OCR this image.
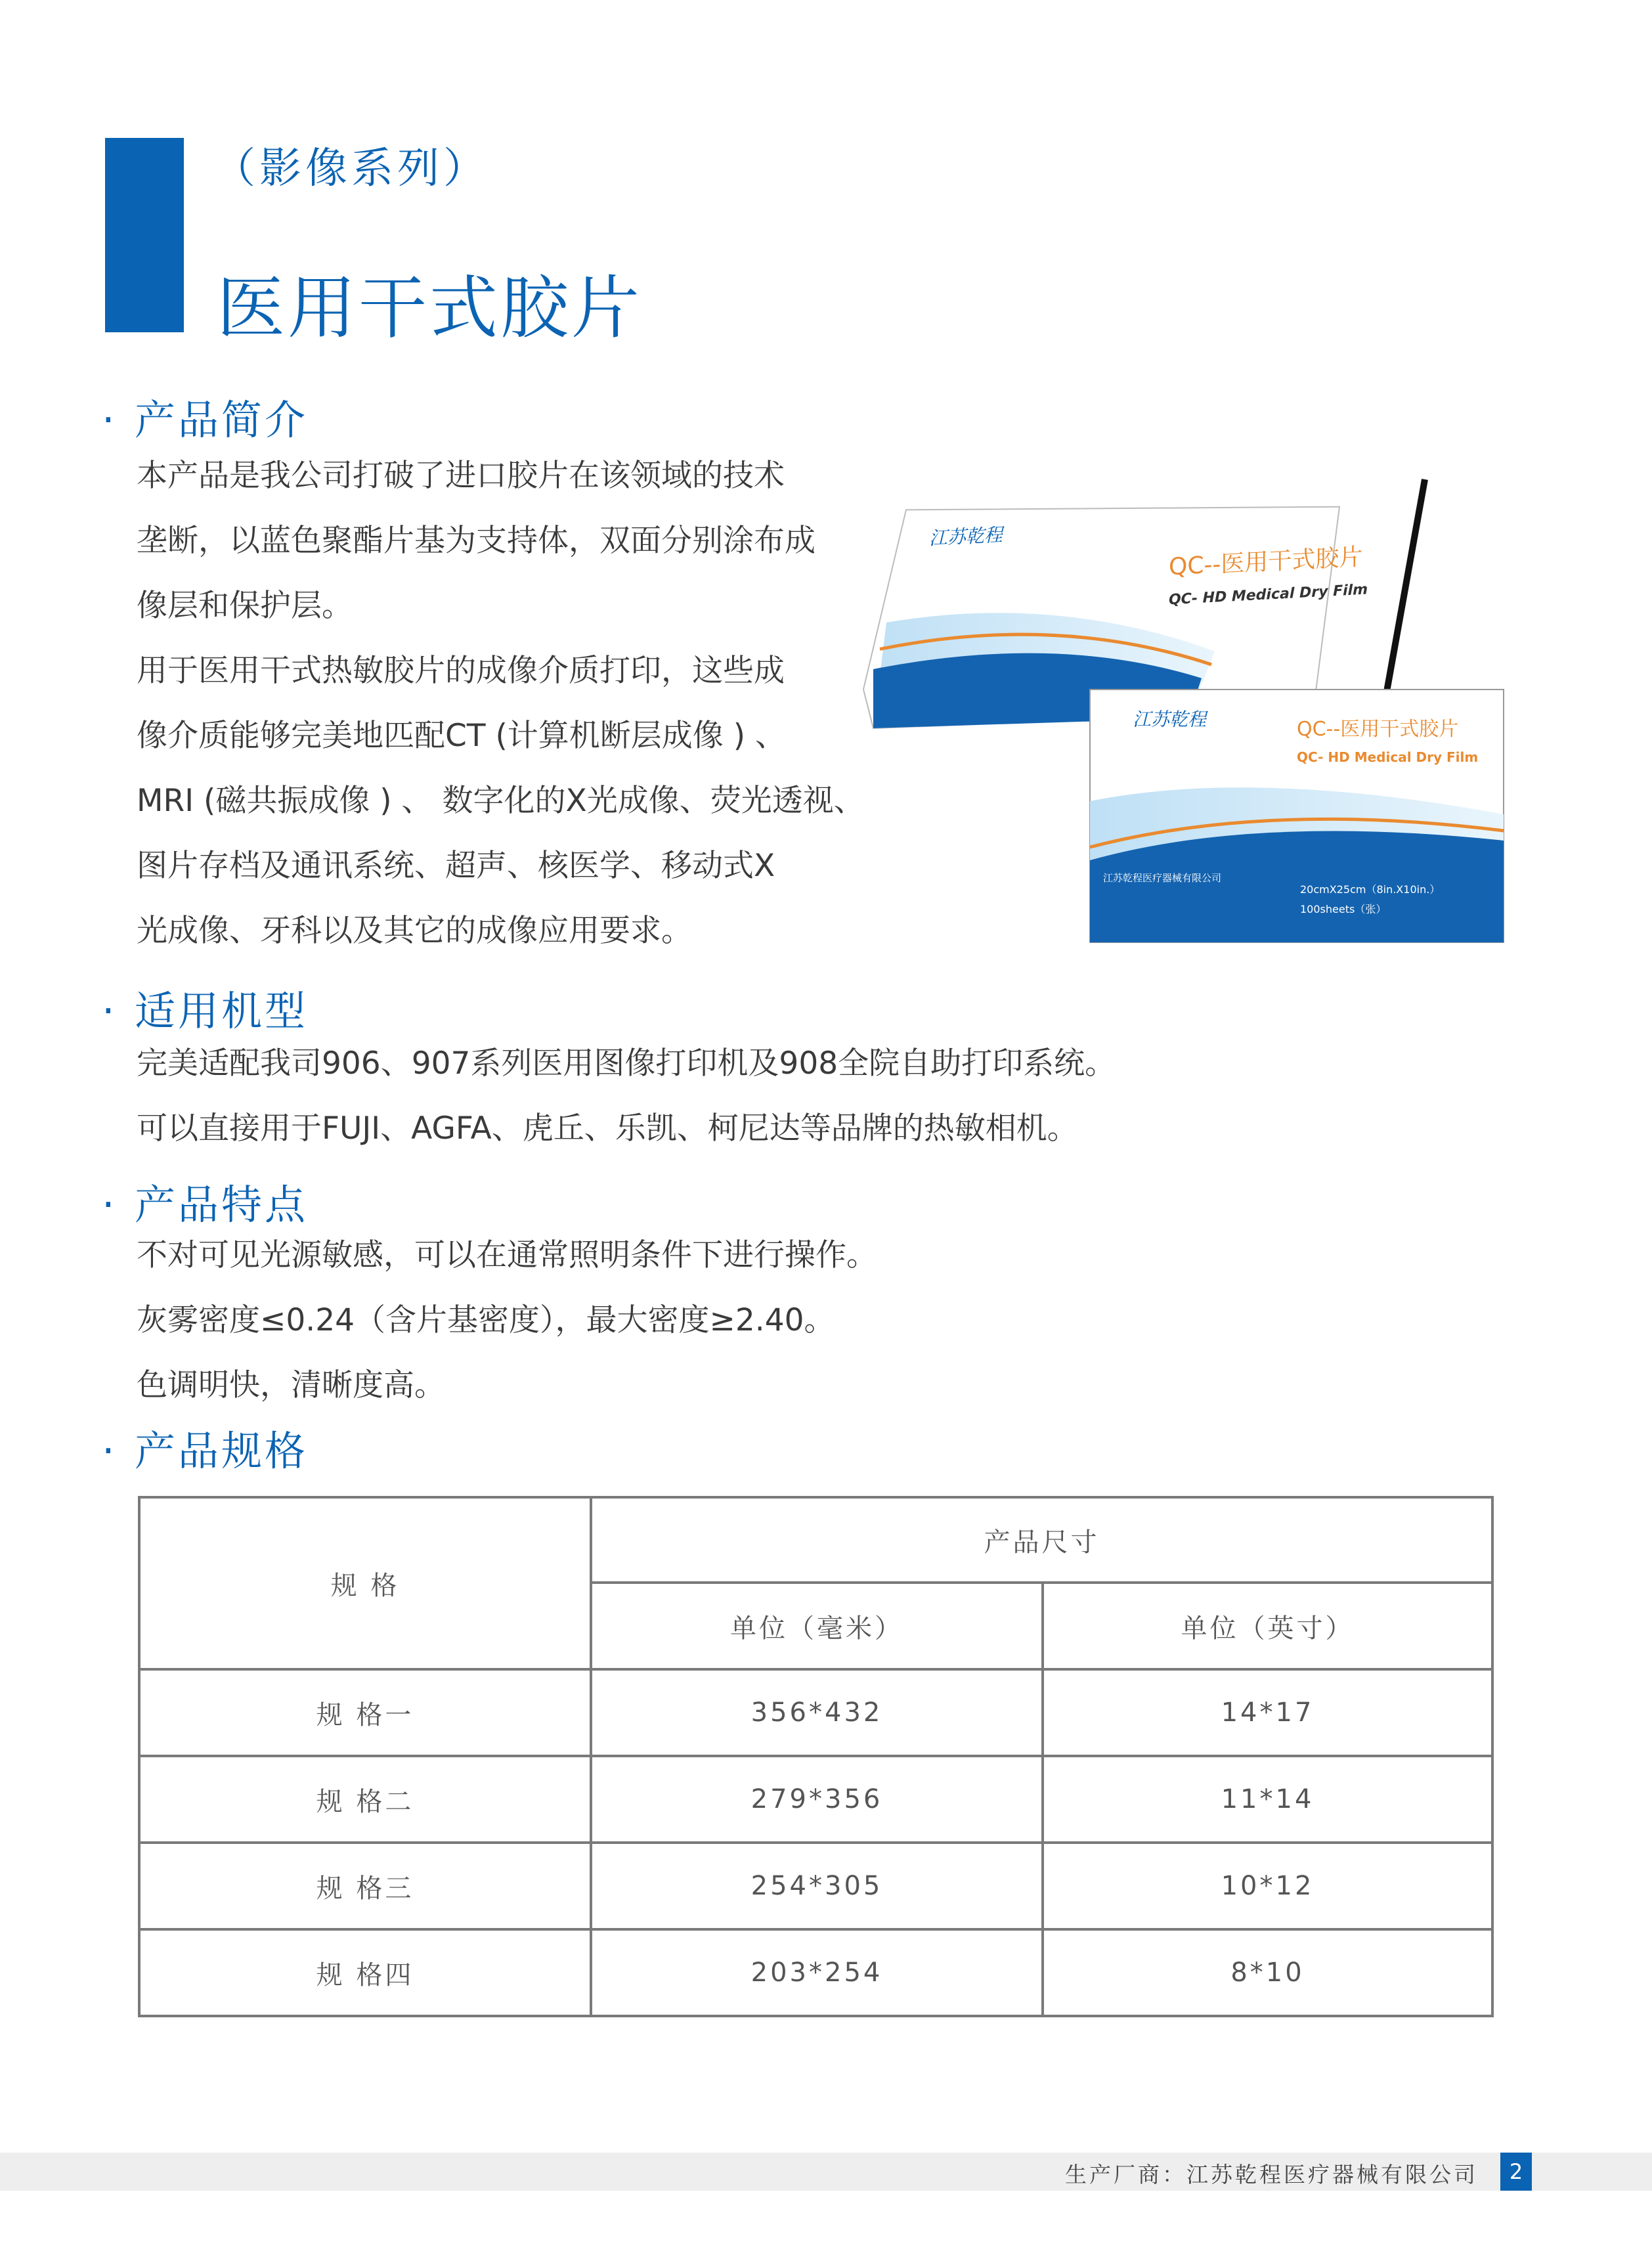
（影像系列）
医用干式胶片
· 产品简介
本产品是我公司打破了进口胶片在该领域的技术
垄断，以蓝色聚酯片基为支持体，双面分别涂布成
像层和保护层。
用于医用干式热敏胶片的成像介质打印，这些成
像介质能够完美地匹配CT (计算机断层成像 ) 、
MRI (磁共振成像 ) 、 数字化的X光成像、荧光透视、
图片存档及通讯系统、超声、核医学、移动式X
光成像、牙科以及其它的成像应用要求。
江苏乾程
QC--医用干式胶片
QC- HD Medical Dry Film
江苏乾程	QC--医用干式胶片
QC- HD Medical Dry Film
20cmX25cm（8in.X10in.）
100sheets（张）
江苏乾程医疗器械有限公司
· 适用机型
完美适配我司906、907系列医用图像打印机及908全院自助打印系统。
可以直接用于FUJI、AGFA、虎丘、乐凯、柯尼达等品牌的热敏相机。
· 产品特点
不对可见光源敏感，可以在通常照明条件下进行操作。
灰雾密度≤0.24（含片基密度），最大密度≥2.40。
色调明快，清晰度高。
· 产品规格
规 格	产品尺寸	
	单位（毫米）	单位（英寸）
规 格一	356*432	14*17
规 格二	279*356	11*14
规 格三	254*305	10*12
规 格四	203*254	8*10
生产厂商：江苏乾程医疗器械有限公司	2
